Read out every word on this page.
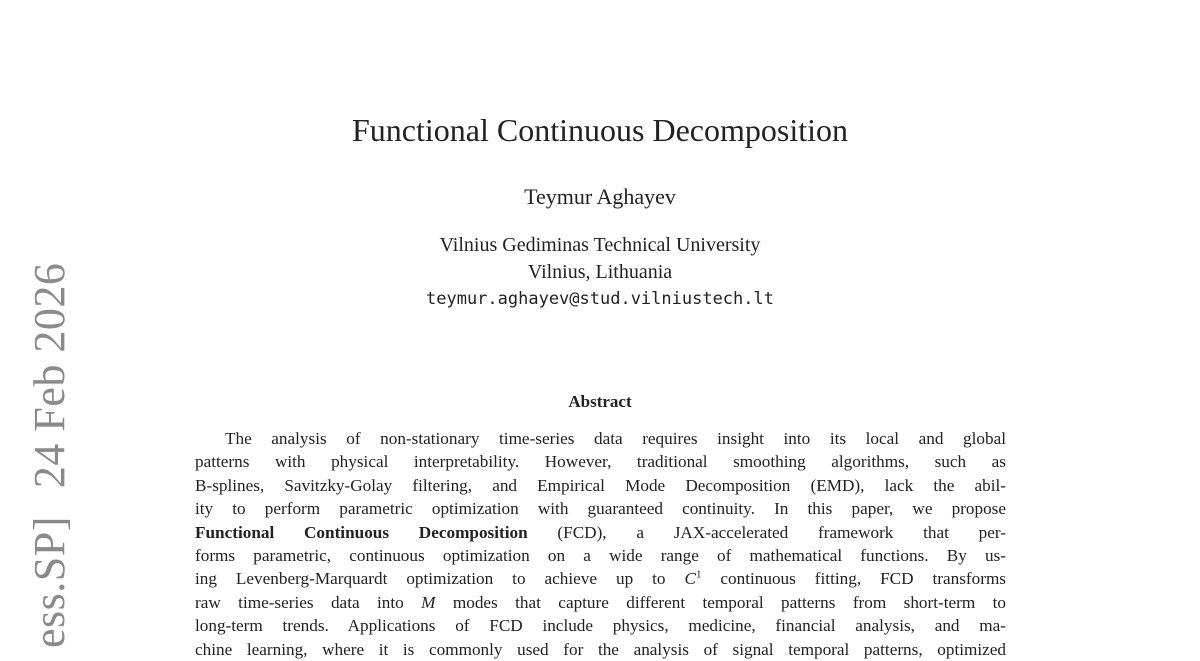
ess.SP]24 Feb 2026
Functional Continuous Decomposition

Teymur Aghayev

Vilnius Gediminas Technical University
Vilnius, Lithuania
teymur.aghayev@stud.vilniustech.lt
Abstract
The analysis of non-stationary time-series data requires insight into its local and global
patterns with physical interpretability. However, traditional smoothing algorithms, such as
B-splines, Savitzky-Golay filtering, and Empirical Mode Decomposition (EMD), lack the abil-
ity to perform parametric optimization with guaranteed continuity. In this paper, we propose
Functional Continuous Decomposition (FCD), a JAX-accelerated framework that per-
forms parametric, continuous optimization on a wide range of mathematical functions. By us-
ing Levenberg-Marquardt optimization to achieve up to $C^1$ continuous fitting, FCD transforms
raw time-series data into M modes that capture different temporal patterns from short-term to
long-term trends. Applications of FCD include physics, medicine, financial analysis, and ma-
chine learning, where it is commonly used for the analysis of signal temporal patterns, optimized
